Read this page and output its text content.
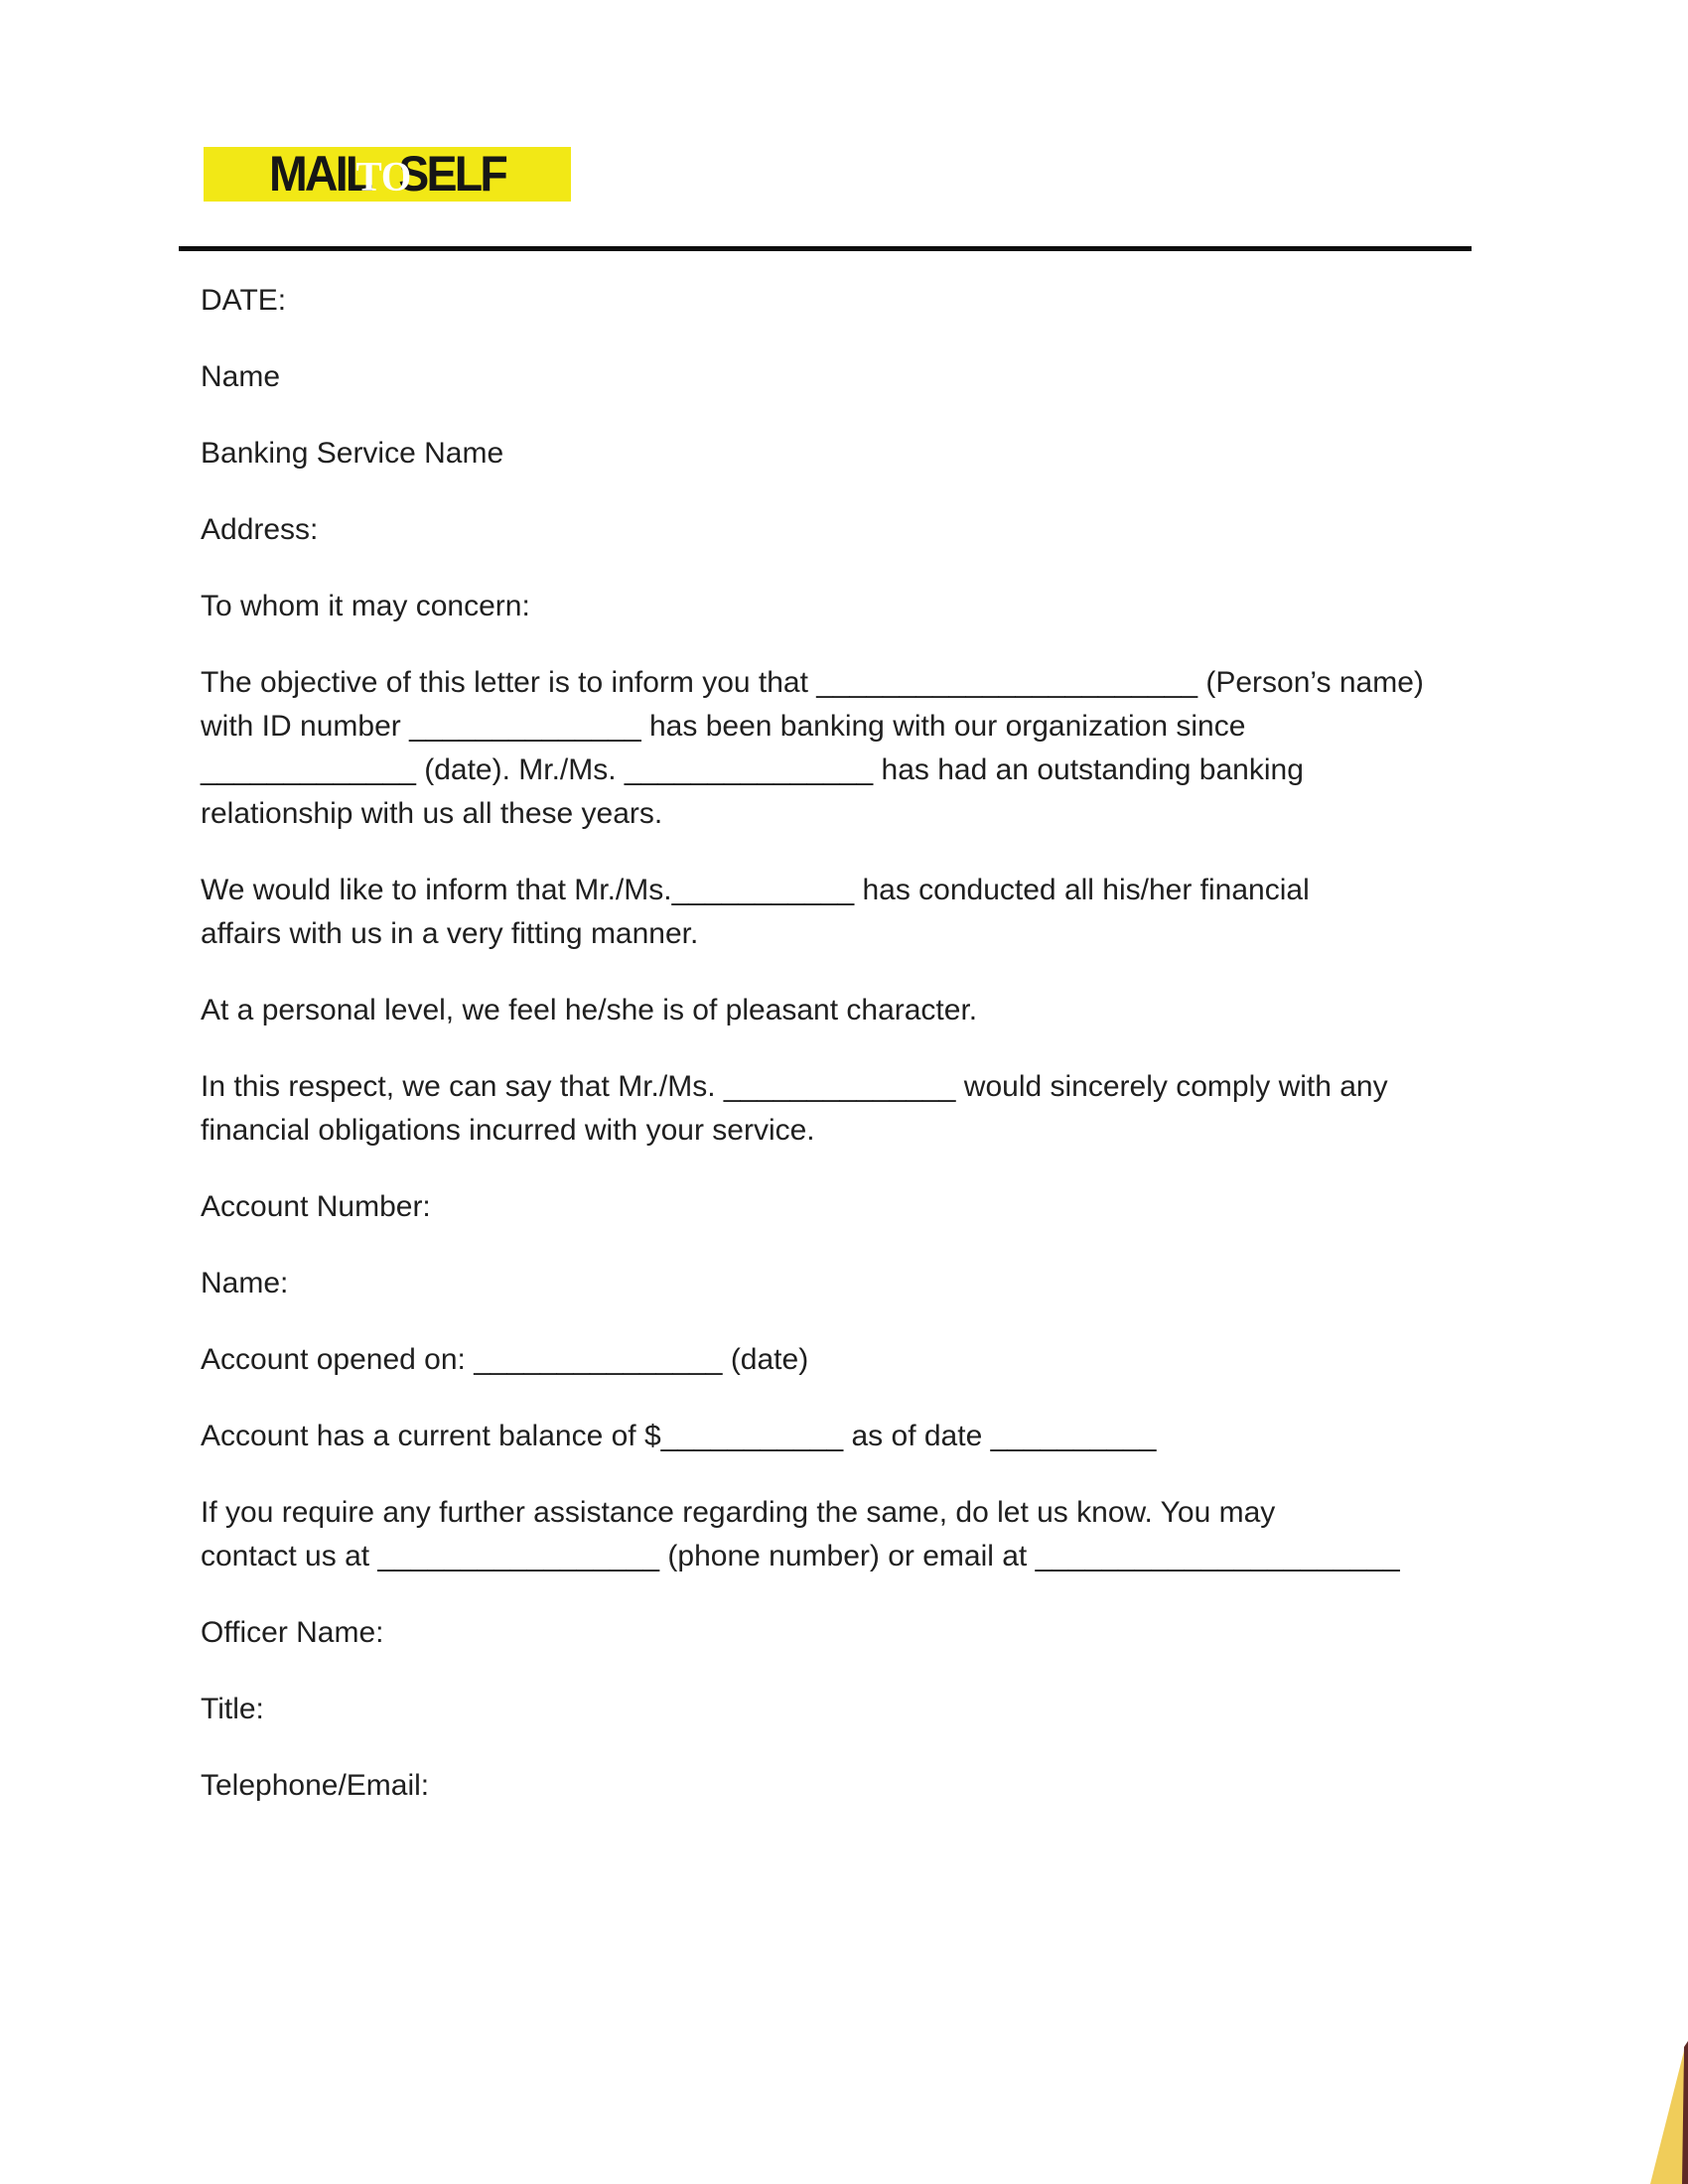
MAIL
TO
SELF
DATE:
Name
Banking Service Name
Address:
To whom it may concern:
The objective of this letter is to inform you that _______________________ (Person’s name)
with ID number ______________ has been banking with our organization since
_____________ (date). Mr./Ms. _______________ has had an outstanding banking
relationship with us all these years.
We would like to inform that Mr./Ms.___________ has conducted all his/her financial
affairs with us in a very fitting manner.
At a personal level, we feel he/she is of pleasant character.
In this respect, we can say that Mr./Ms. ______________ would sincerely comply with any
financial obligations incurred with your service.
Account Number:
Name:
Account opened on: _______________ (date)
Account has a current balance of $___________ as of date __________
If you require any further assistance regarding the same, do let us know. You may
contact us at _________________ (phone number) or email at ______________________
Officer Name:
Title:
Telephone/Email:
